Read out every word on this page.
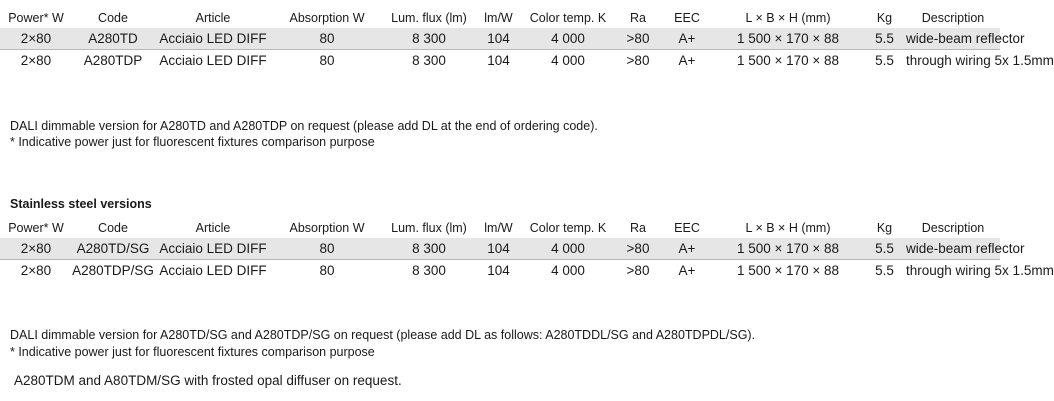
Power* W	Code	Article	Absorption W	Lum. flux (lm)	lm/W	Color temp. K	Ra	EEC	L × B × H (mm)	Kg	Description
2×80	A280TD	Acciaio LED DIFF	80	8 300	104	4 000	>80	A+	1 500 × 170 × 88	5.5	wide-beam reflector
2×80	A280TDP	Acciaio LED DIFF	80	8 300	104	4 000	>80	A+	1 500 × 170 × 88	5.5	through wiring 5x 1.5mm
DALI dimmable version for A280TD and A280TDP on request (please add DL at the end of ordering code).
* Indicative power just for fluorescent fixtures comparison purpose
Stainless steel versions
Power* W	Code	Article	Absorption W	Lum. flux (lm)	lm/W	Color temp. K	Ra	EEC	L × B × H (mm)	Kg	Description
2×80	A280TD/SG	Acciaio LED DIFF	80	8 300	104	4 000	>80	A+	1 500 × 170 × 88	5.5	wide-beam reflector
2×80	A280TDP/SG	Acciaio LED DIFF	80	8 300	104	4 000	>80	A+	1 500 × 170 × 88	5.5	through wiring 5x 1.5mm
DALI dimmable version for A280TD/SG and A280TDP/SG on request (please add DL as follows: A280TDDL/SG and A280TDPDL/SG).
* Indicative power just for fluorescent fixtures comparison purpose
A280TDM and A80TDM/SG with frosted opal diffuser on request.
